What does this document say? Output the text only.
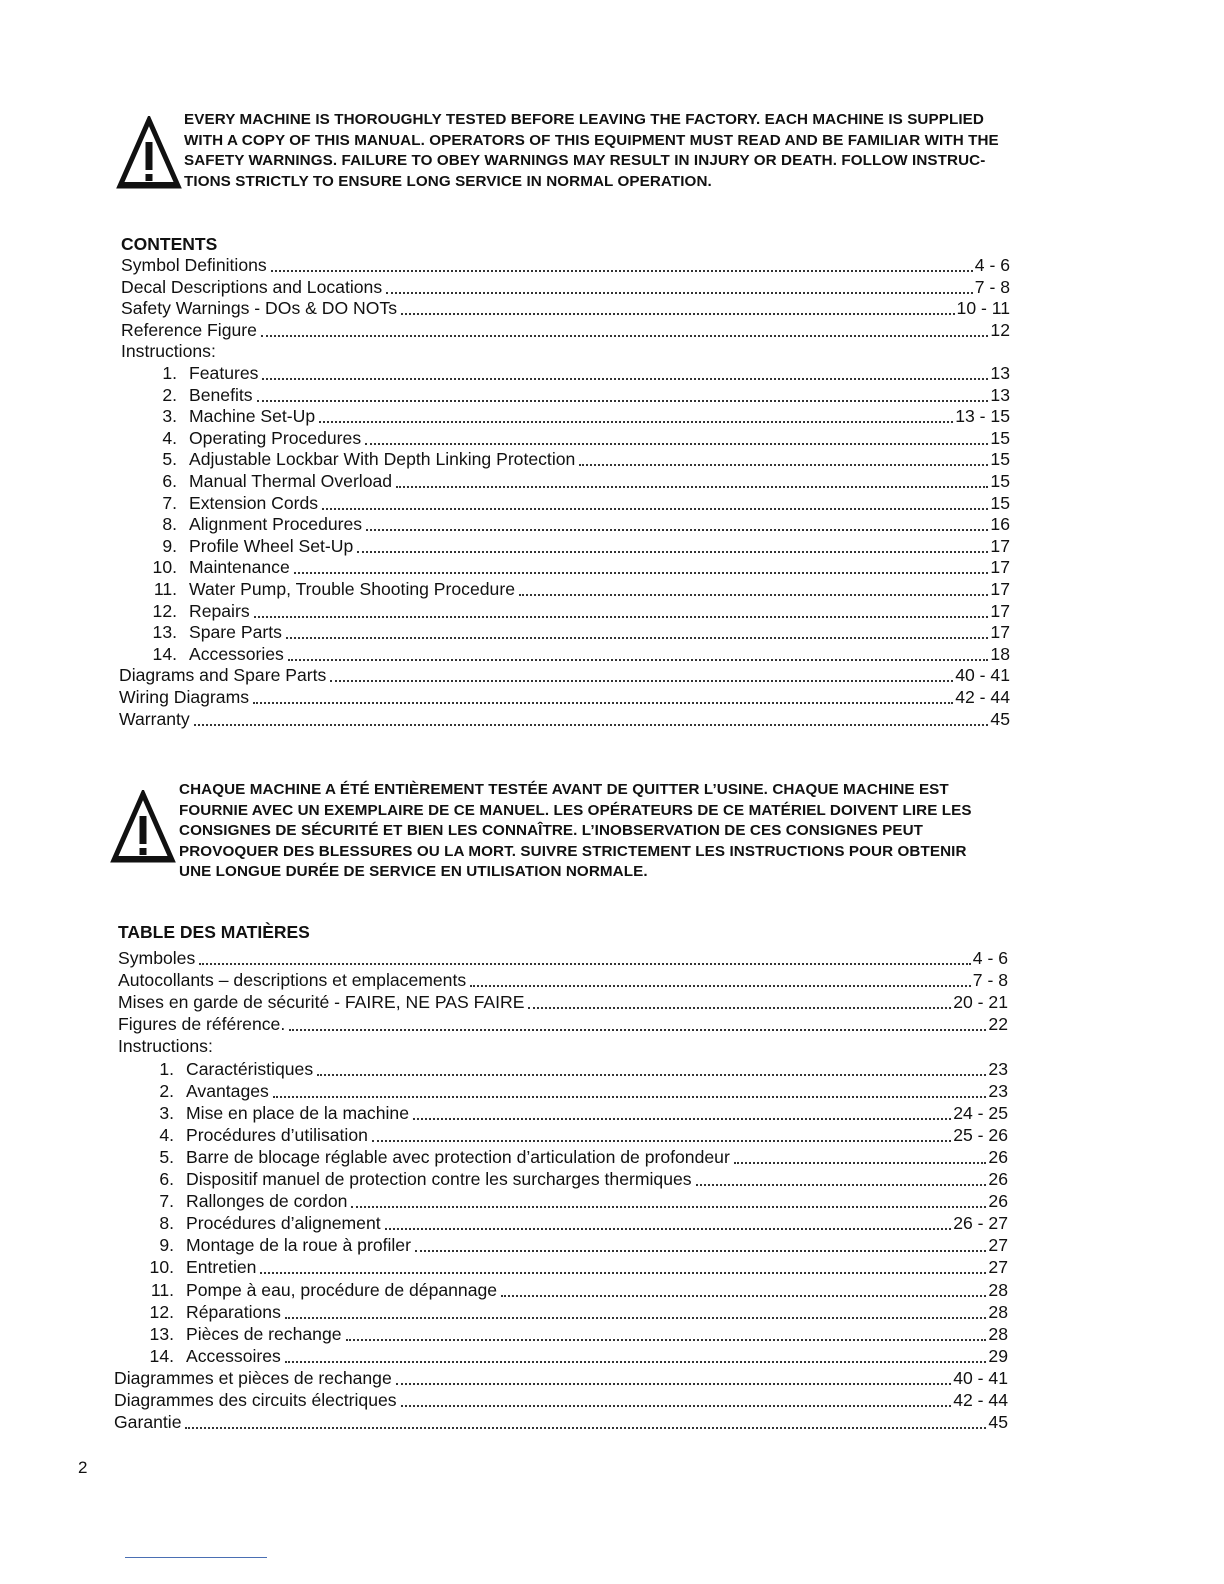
EVERY MACHINE IS THOROUGHLY TESTED BEFORE LEAVING THE FACTORY. EACH MACHINE IS SUPPLIED
WITH A COPY OF THIS MANUAL. OPERATORS OF THIS EQUIPMENT MUST READ AND BE FAMILIAR WITH THE
SAFETY WARNINGS. FAILURE TO OBEY WARNINGS MAY RESULT IN INJURY OR DEATH. FOLLOW INSTRUC-
TIONS STRICTLY TO ENSURE LONG SERVICE IN NORMAL OPERATION.
CONTENTS
Symbol Definitions	4 - 6
Decal Descriptions and Locations	7 - 8
Safety Warnings - DOs & DO NOTs	10 - 11
Reference Figure	12
Instructions:
1. Features	13
2. Benefits	13
3. Machine Set-Up	13 - 15
4. Operating Procedures	15
5. Adjustable Lockbar With Depth Linking Protection	15
6. Manual Thermal Overload	15
7. Extension Cords	15
8. Alignment Procedures	16
9. Profile Wheel Set-Up	17
10. Maintenance	17
11. Water Pump, Trouble Shooting Procedure	17
12. Repairs	17
13. Spare Parts	17
14. Accessories	18
Diagrams and Spare Parts	40 - 41
Wiring Diagrams	42 - 44
Warranty	45
CHAQUE MACHINE A ÉTÉ ENTIÈREMENT TESTÉE AVANT DE QUITTER L’USINE. CHAQUE MACHINE EST
FOURNIE AVEC UN EXEMPLAIRE DE CE MANUEL. LES OPÉRATEURS DE CE MATÉRIEL DOIVENT LIRE LES
CONSIGNES DE SÉCURITÉ ET BIEN LES CONNAÎTRE. L’INOBSERVATION DE CES CONSIGNES PEUT
PROVOQUER DES BLESSURES OU LA MORT. SUIVRE STRICTEMENT LES INSTRUCTIONS POUR OBTENIR
UNE LONGUE DURÉE DE SERVICE EN UTILISATION NORMALE.
TABLE DES MATIÈRES
Symboles	4 - 6
Autocollants – descriptions et emplacements	7 - 8
Mises en garde de sécurité - FAIRE, NE PAS FAIRE	20 - 21
Figures de référence.	22
Instructions:
1. Caractéristiques	23
2. Avantages	23
3. Mise en place de la machine	24 - 25
4. Procédures d’utilisation	25 - 26
5. Barre de blocage réglable avec protection d’articulation de profondeur	26
6. Dispositif manuel de protection contre les surcharges thermiques	26
7. Rallonges de cordon	26
8. Procédures d’alignement	26 - 27
9. Montage de la roue à profiler	27
10. Entretien	27
11. Pompe à eau, procédure de dépannage	28
12. Réparations	28
13. Pièces de rechange	28
14. Accessoires	29
Diagrammes et pièces de rechange	40 - 41
Diagrammes des circuits électriques	42 - 44
Garantie	45
2
